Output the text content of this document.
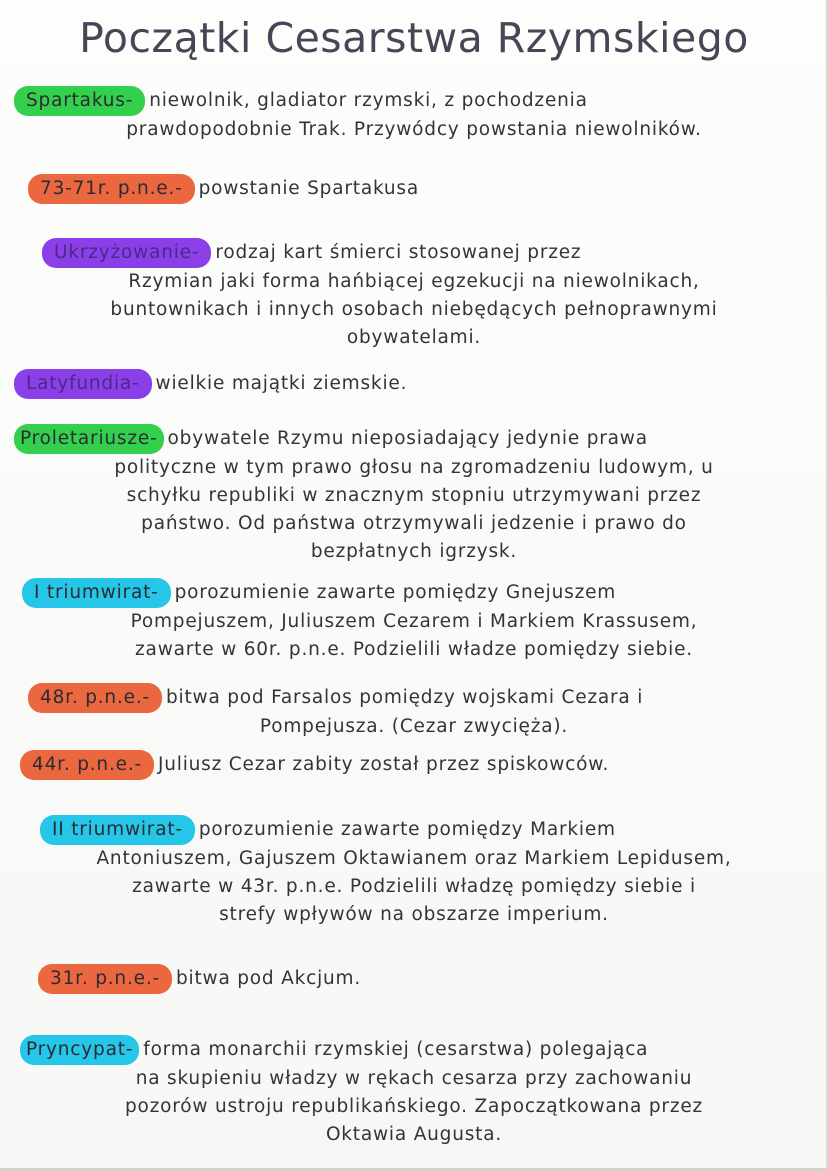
Początki Cesarstwa Rzymskiego

Spartakus- niewolnik, gladiator rzymski, z pochodzenia

prawdopodobnie Trak. Przywódcy powstania niewolników.

73-71r. p.n.e.- powstanie Spartakusa

Ukrzyżowanie- rodzaj kart śmierci stosowanej przez

Rzymian jaki forma hańbiącej egzekucji na niewolnikach,

buntownikach i innych osobach niebędących pełnoprawnymi

obywatelami.

Latyfundia- wielkie majątki ziemskie.

Proletariusze- obywatele Rzymu nieposiadający jedynie prawa

polityczne w tym prawo głosu na zgromadzeniu ludowym, u

schyłku republiki w znacznym stopniu utrzymywani przez

państwo. Od państwa otrzymywali jedzenie i prawo do

bezpłatnych igrzysk.

I triumwirat- porozumienie zawarte pomiędzy Gnejuszem

Pompejuszem, Juliuszem Cezarem i Markiem Krassusem,

zawarte w 60r. p.n.e. Podzielili władze pomiędzy siebie.

48r. p.n.e.- bitwa pod Farsalos pomiędzy wojskami Cezara i

Pompejusza. (Cezar zwycięża).

44r. p.n.e.- Juliusz Cezar zabity został przez spiskowców.

II triumwirat- porozumienie zawarte pomiędzy Markiem

Antoniuszem, Gajuszem Oktawianem oraz Markiem Lepidusem,

zawarte w 43r. p.n.e. Podzielili władzę pomiędzy siebie i

strefy wpływów na obszarze imperium.

31r. p.n.e.- bitwa pod Akcjum.

Pryncypat- forma monarchii rzymskiej (cesarstwa) polegająca

na skupieniu władzy w rękach cesarza przy zachowaniu

pozorów ustroju republikańskiego. Zapoczątkowana przez

Oktawia Augusta.
